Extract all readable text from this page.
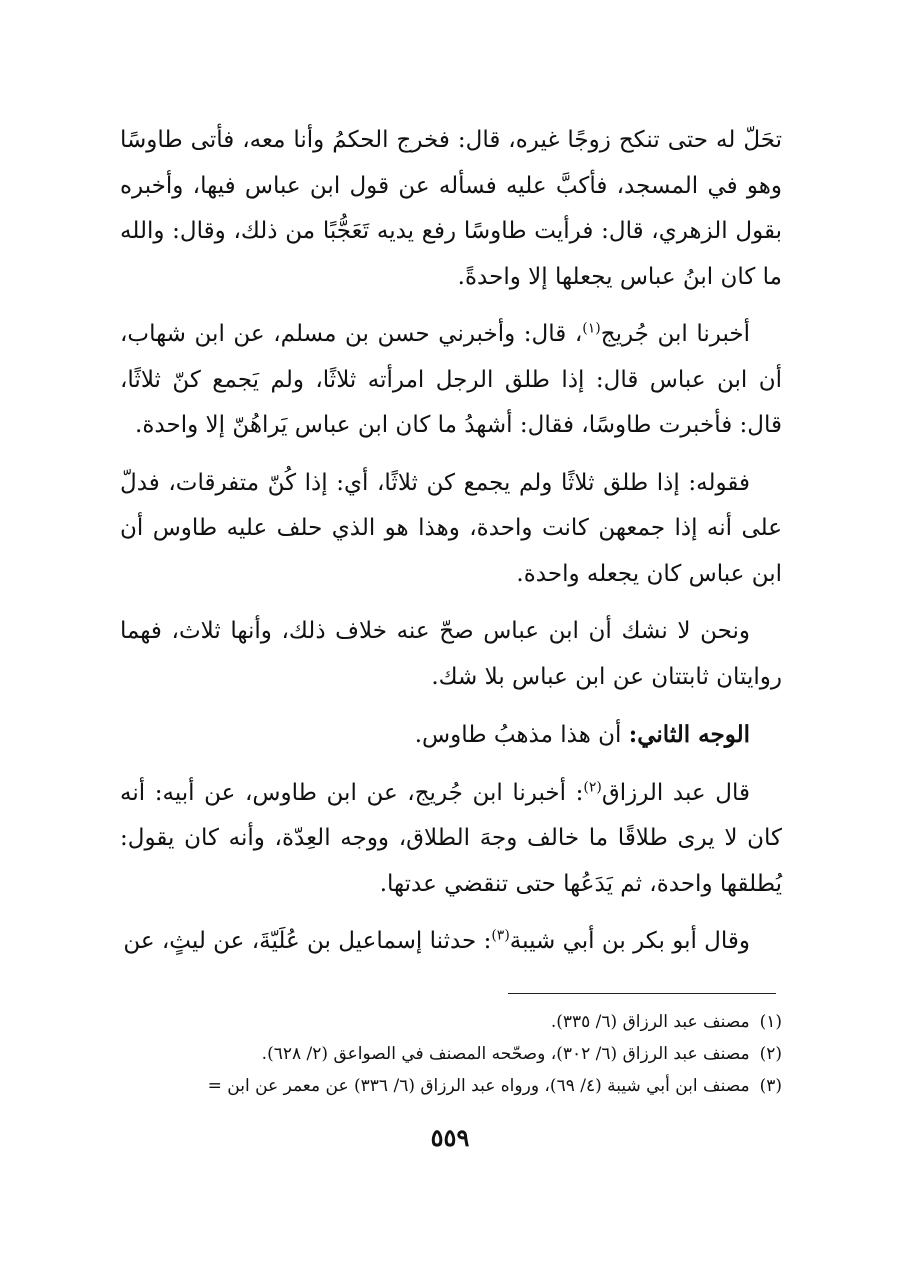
تحَلّ له حتى تنكح زوجًا غيره، قال: فخرج الحكمُ وأنا معه، فأتى طاوسًا وهو في المسجد، فأكبَّ عليه فسأله عن قول ابن عباس فيها، وأخبره بقول الزهري، قال: فرأيت طاوسًا رفع يديه تَعَجُّبًا من ذلك، وقال: والله ما كان ابنُ عباس يجعلها إلا واحدةً.

أخبرنا ابن جُريج$^{(١)}$، قال: وأخبرني حسن بن مسلم، عن ابن شهاب، أن ابن عباس قال: إذا طلق الرجل امرأته ثلاثًا، ولم يَجمع كنّ ثلاثًا، قال: فأخبرت طاوسًا، فقال: أشهدُ ما كان ابن عباس يَراهُنّ إلا واحدة.

فقوله: إذا طلق ثلاثًا ولم يجمع كن ثلاثًا، أي: إذا كُنّ متفرقات، فدلّ على أنه إذا جمعهن كانت واحدة، وهذا هو الذي حلف عليه طاوس أن ابن عباس كان يجعله واحدة.

ونحن لا نشك أن ابن عباس صحّ عنه خلاف ذلك، وأنها ثلاث، فهما روايتان ثابتتان عن ابن عباس بلا شك.

الوجه الثاني: أن هذا مذهبُ طاوس.

قال عبد الرزاق$^{(٢)}$: أخبرنا ابن جُريج، عن ابن طاوس، عن أبيه: أنه كان لا يرى طلاقًا ما خالف وجهَ الطلاق، ووجه العِدّة، وأنه كان يقول: يُطلقها واحدة، ثم يَدَعُها حتى تنقضي عدتها.

وقال أبو بكر بن أبي شيبة$^{(٣)}$: حدثنا إسماعيل بن عُلَيّةَ، عن ليثٍ، عن

(١)مصنف عبد الرزاق (٦/ ٣٣٥).

(٢)مصنف عبد الرزاق (٦/ ٣٠٢)، وصحّحه المصنف في الصواعق (٢/ ٦٢٨).

(٣)مصنف ابن أبي شيبة (٤/ ٦٩)، ورواه عبد الرزاق (٦/ ٣٣٦) عن معمر عن ابن =

٥٥٩
